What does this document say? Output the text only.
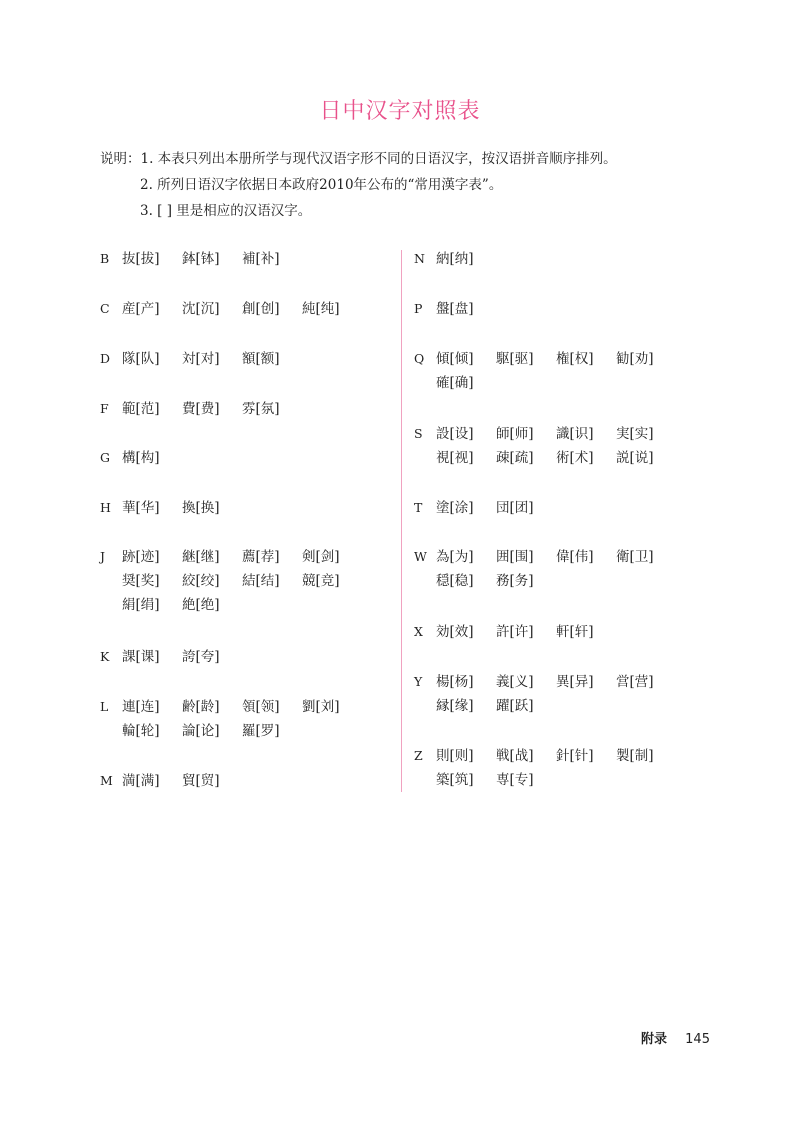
日中汉字对照表
说明：1. 本表只列出本册所学与现代汉语字形不同的日语汉字，按汉语拼音顺序排列。
2. 所列日语汉字依据日本政府2010年公布的“常用漢字表”。
3. [ ] 里是相应的汉语汉字。
B 抜[拔]	鉢[钵]	補[补]
C 産[产]	沈[沉]	創[创]	純[纯]
D 隊[队]	対[对]	額[额]
F 範[范]	費[费]	雰[氛]
G 構[构]
H 華[华]	換[换]
J	跡[迹]	継[继]	薦[荐]	剣[剑]
奨[奖]	絞[绞]	結[结]	競[竞]
絹[绢]	絶[绝]
K 課[课]	誇[夸]
L	連[连]	齢[龄]	領[领]	劉[刘]
輪[轮]	論[论]	羅[罗]
M 満[满]	貿[贸]
N 納[纳]
P	盤[盘]
Q 傾[倾]	駆[驱]	権[权]	勧[劝]
確[确]
S 設[设]	師[师]	識[识]	実[实]
視[视]	疎[疏]	術[术]	説[说]
T	塗[涂]	団[团]
W 為[为]	囲[围]	偉[伟]	衛[卫]
穏[稳]	務[务]
X 効[效]	許[许]	軒[轩]
Y	楊[杨]	義[义]	異[异]	営[营]
縁[缘]	躍[跃]
Z 則[则]	戦[战]	針[针]	製[制]
築[筑]	専[专]
附录 145
